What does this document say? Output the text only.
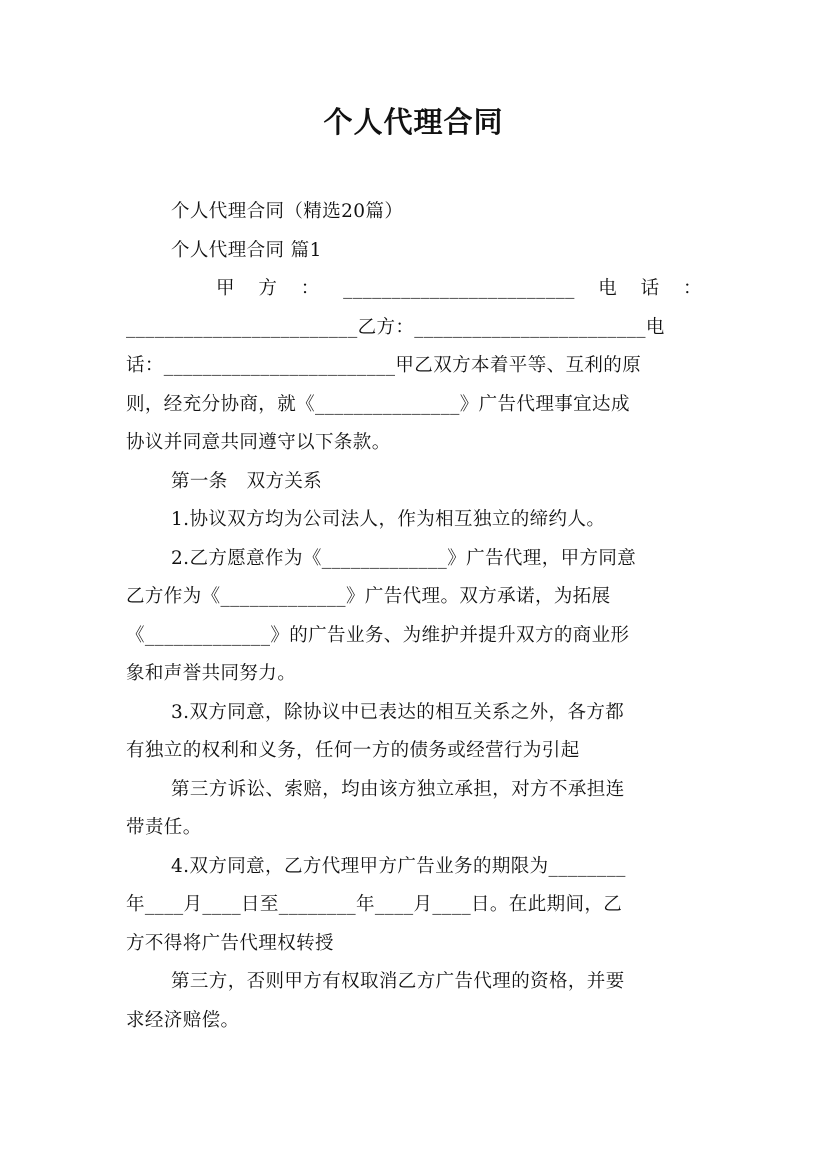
个人代理合同

个人代理合同（精选20篇）

个人代理合同 篇1

甲 方 ： ________________________ 电 话 ：

________________________乙方：________________________电

话：________________________甲乙双方本着平等、互利的原

则，经充分协商，就《_______________》广告代理事宜达成

协议并同意共同遵守以下条款。

第一条　双方关系

1.协议双方均为公司法人，作为相互独立的缔约人。

2.乙方愿意作为《_____________》广告代理，甲方同意

乙方作为《_____________》广告代理。双方承诺，为拓展

《_____________》的广告业务、为维护并提升双方的商业形

象和声誉共同努力。

3.双方同意，除协议中已表达的相互关系之外，各方都

有独立的权利和义务，任何一方的债务或经营行为引起

第三方诉讼、索赔，均由该方独立承担，对方不承担连

带责任。

4.双方同意，乙方代理甲方广告业务的期限为________

年____月____日至________年____月____日。在此期间，乙

方不得将广告代理权转授

第三方，否则甲方有权取消乙方广告代理的资格，并要

求经济赔偿。
